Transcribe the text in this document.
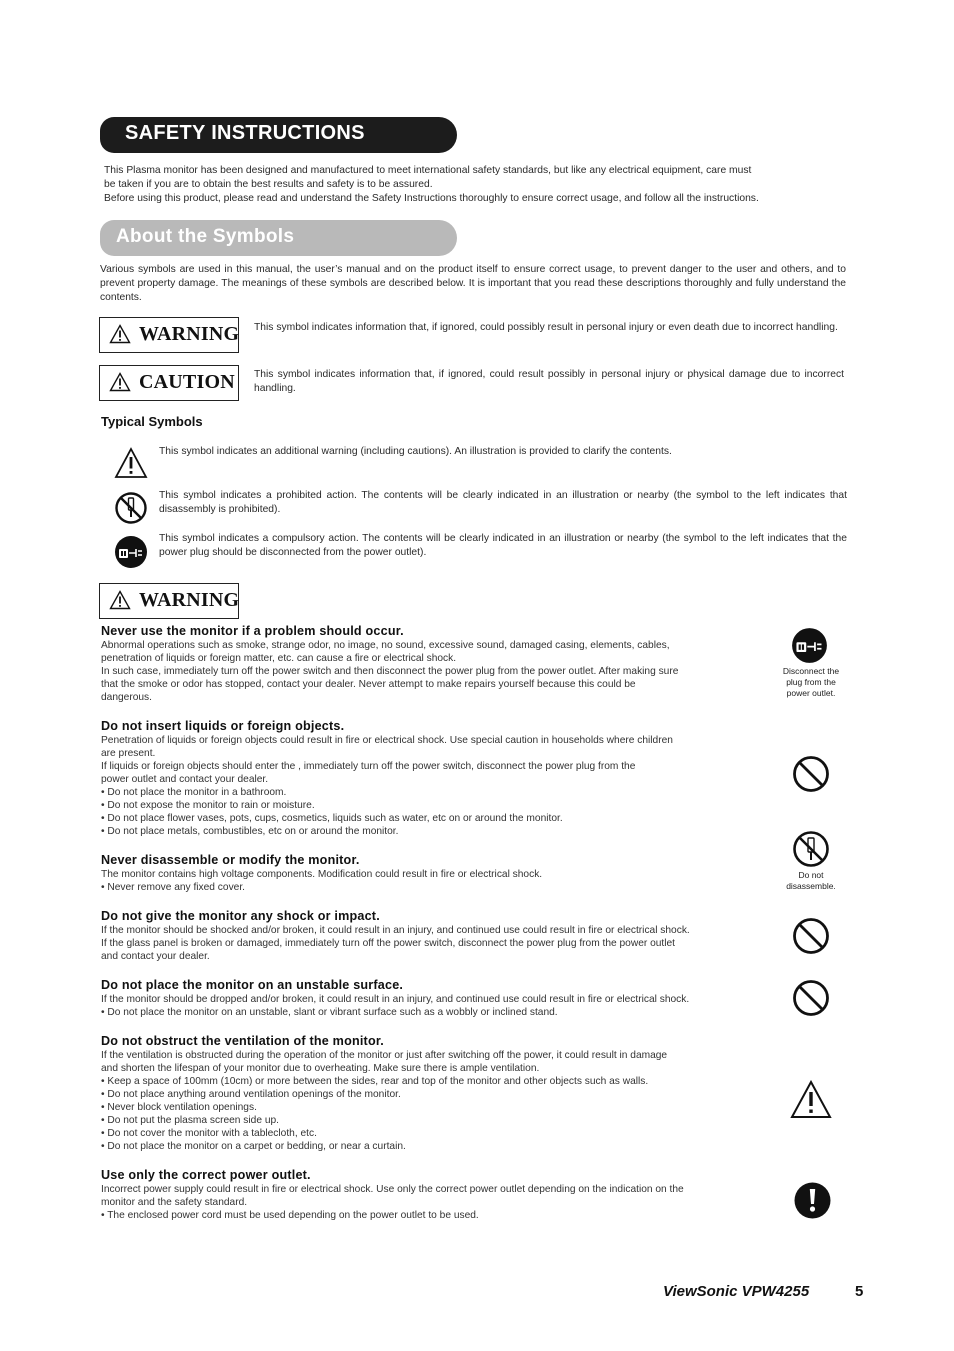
SAFETY INSTRUCTIONS
This Plasma monitor has been designed and manufactured to meet international safety standards, but like any electrical equipment, care must
be taken if you are to obtain the best results and safety is to be assured.
Before using this product, please read and understand the Safety Instructions thoroughly to ensure correct usage, and follow all the instructions.
About the Symbols
Various symbols are used in this manual, the user’s manual and on the product itself to ensure correct usage, to prevent danger to the user and others, and to prevent property damage. The meanings of these symbols are described below. It is important that you read these descriptions thoroughly and fully understand the contents.
WARNING This symbol indicates information that, if ignored, could possibly result in personal injury or even death due to incorrect handling.
CAUTION This symbol indicates information that, if ignored, could result possibly in personal injury or physical damage due to incorrect handling.
Typical Symbols
This symbol indicates an additional warning (including cautions). An illustration is provided to clarify the contents.
This symbol indicates a prohibited action. The contents will be clearly indicated in an illustration or nearby (the symbol to the left indicates that disassembly is prohibited).
This symbol indicates a compulsory action. The contents will be clearly indicated in an illustration or nearby (the symbol to the left indicates that the power plug should be disconnected from the power outlet).
WARNING
Never use the monitor if a problem should occur.
Abnormal operations such as smoke, strange odor, no image, no sound, excessive sound, damaged casing, elements, cables,
penetration of liquids or foreign matter, etc. can cause a fire or electrical shock.
In such case, immediately turn off the power switch and then disconnect the power plug from the power outlet. After making sure
that the smoke or odor has stopped, contact your dealer. Never attempt to make repairs yourself because this could be
dangerous.
Disconnect the
plug from the
power outlet.
Do not insert liquids or foreign objects.
Penetration of liquids or foreign objects could result in fire or electrical shock. Use special caution in households where children
are present.
If liquids or foreign objects should enter the , immediately turn off the power switch, disconnect the power plug from the
power outlet and contact your dealer.
• Do not place the monitor in a bathroom.
• Do not expose the monitor to rain or moisture.
• Do not place flower vases, pots, cups, cosmetics, liquids such as water, etc on or around the monitor.
• Do not place metals, combustibles, etc on or around the monitor.
Never disassemble or modify the monitor.
The monitor contains high voltage components. Modification could result in fire or electrical shock.
• Never remove any fixed cover.
Do not
disassemble.
Do not give the monitor any shock or impact.
If the monitor should be shocked and/or broken, it could result in an injury, and continued use could result in fire or electrical shock.
If the glass panel is broken or damaged, immediately turn off the power switch, disconnect the power plug from the power outlet
and contact your dealer.
Do not place the monitor on an unstable surface.
If the monitor should be dropped and/or broken, it could result in an injury, and continued use could result in fire or electrical shock.
• Do not place the monitor on an unstable, slant or vibrant surface such as a wobbly or inclined stand.
Do not obstruct the ventilation of the monitor.
If the ventilation is obstructed during the operation of the monitor or just after switching off the power, it could result in damage
and shorten the lifespan of your monitor due to overheating. Make sure there is ample ventilation.
• Keep a space of 100mm (10cm) or more between the sides, rear and top of the monitor and other objects such as walls.
• Do not place anything around ventilation openings of the monitor.
• Never block ventilation openings.
• Do not put the plasma screen side up.
• Do not cover the monitor with a tablecloth, etc.
• Do not place the monitor on a carpet or bedding, or near a curtain.
Use only the correct power outlet.
Incorrect power supply could result in fire or electrical shock. Use only the correct power outlet depending on the indication on the
monitor and the safety standard.
• The enclosed power cord must be used depending on the power outlet to be used.
ViewSonic VPW4255	5
